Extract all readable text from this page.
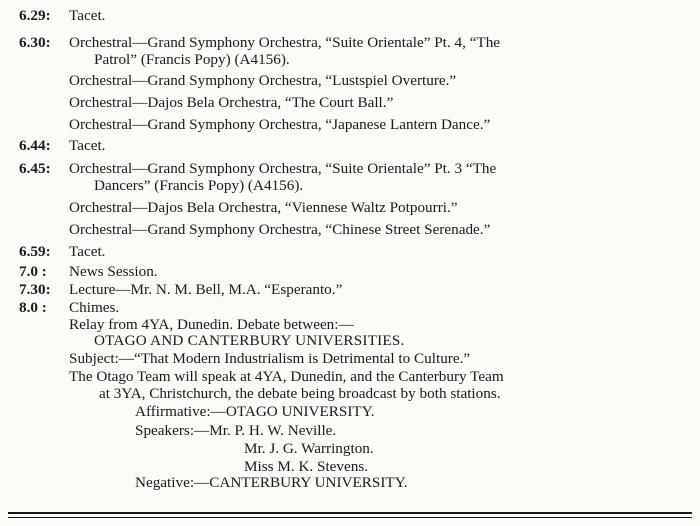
6.29: Tacet.
6.30: Orchestral—Grand Symphony Orchestra, “Suite Orientale” Pt. 4, “The
Patrol” (Francis Popy) (A4156).
Orchestral—Grand Symphony Orchestra, “Lustspiel Overture.”
Orchestral—Dajos Bela Orchestra, “The Court Ball.”
Orchestral—Grand Symphony Orchestra, “Japanese Lantern Dance.”
6.44: Tacet.
6.45: Orchestral—Grand Symphony Orchestra, “Suite Orientale” Pt. 3 “The
Dancers” (Francis Popy) (A4156).
Orchestral—Dajos Bela Orchestra, “Viennese Waltz Potpourri.”
Orchestral—Grand Symphony Orchestra, “Chinese Street Serenade.”
6.59: Tacet.
7.0 : News Session.
7.30: Lecture—Mr. N. M. Bell, M.A. “Esperanto.”
8.0 : Chimes.
Relay from 4YA, Dunedin. Debate between:—
OTAGO AND CANTERBURY UNIVERSITIES.
Subject:—“That Modern Industrialism is Detrimental to Culture.”
The Otago Team will speak at 4YA, Dunedin, and the Canterbury Team
at 3YA, Christchurch, the debate being broadcast by both stations.
Affirmative:—OTAGO UNIVERSITY.
Speakers:—Mr. P. H. W. Neville.
Mr. J. G. Warrington.
Miss M. K. Stevens.
Negative:—CANTERBURY UNIVERSITY.
